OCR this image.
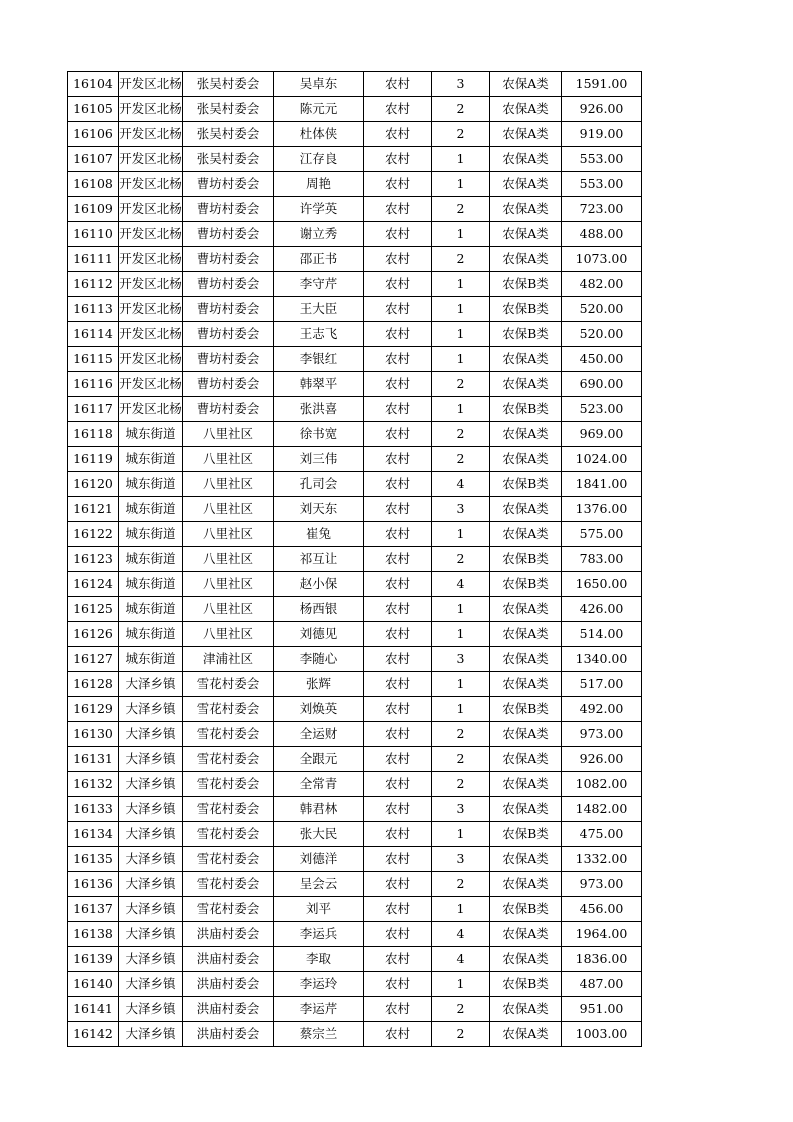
16104	开发区北杨	张吴村委会	吴卓东	农村	3	农保A类	1591.00
16105	开发区北杨	张吴村委会	陈元元	农村	2	农保A类	926.00
16106	开发区北杨	张吴村委会	杜体侠	农村	2	农保A类	919.00
16107	开发区北杨	张吴村委会	江存良	农村	1	农保A类	553.00
16108	开发区北杨	曹坊村委会	周艳	农村	1	农保A类	553.00
16109	开发区北杨	曹坊村委会	许学英	农村	2	农保A类	723.00
16110	开发区北杨	曹坊村委会	谢立秀	农村	1	农保A类	488.00
16111	开发区北杨	曹坊村委会	邵正书	农村	2	农保A类	1073.00
16112	开发区北杨	曹坊村委会	李守芹	农村	1	农保B类	482.00
16113	开发区北杨	曹坊村委会	王大臣	农村	1	农保B类	520.00
16114	开发区北杨	曹坊村委会	王志飞	农村	1	农保B类	520.00
16115	开发区北杨	曹坊村委会	李银红	农村	1	农保A类	450.00
16116	开发区北杨	曹坊村委会	韩翠平	农村	2	农保A类	690.00
16117	开发区北杨	曹坊村委会	张洪喜	农村	1	农保B类	523.00
16118	城东街道	八里社区	徐书宽	农村	2	农保A类	969.00
16119	城东街道	八里社区	刘三伟	农村	2	农保A类	1024.00
16120	城东街道	八里社区	孔司会	农村	4	农保B类	1841.00
16121	城东街道	八里社区	刘天东	农村	3	农保A类	1376.00
16122	城东街道	八里社区	崔兔	农村	1	农保A类	575.00
16123	城东街道	八里社区	祁互让	农村	2	农保B类	783.00
16124	城东街道	八里社区	赵小保	农村	4	农保B类	1650.00
16125	城东街道	八里社区	杨西银	农村	1	农保A类	426.00
16126	城东街道	八里社区	刘德见	农村	1	农保A类	514.00
16127	城东街道	津浦社区	李随心	农村	3	农保A类	1340.00
16128	大泽乡镇	雪花村委会	张辉	农村	1	农保A类	517.00
16129	大泽乡镇	雪花村委会	刘焕英	农村	1	农保B类	492.00
16130	大泽乡镇	雪花村委会	全运财	农村	2	农保A类	973.00
16131	大泽乡镇	雪花村委会	全跟元	农村	2	农保A类	926.00
16132	大泽乡镇	雪花村委会	全常青	农村	2	农保A类	1082.00
16133	大泽乡镇	雪花村委会	韩君林	农村	3	农保A类	1482.00
16134	大泽乡镇	雪花村委会	张大民	农村	1	农保B类	475.00
16135	大泽乡镇	雪花村委会	刘德洋	农村	3	农保A类	1332.00
16136	大泽乡镇	雪花村委会	呈会云	农村	2	农保A类	973.00
16137	大泽乡镇	雪花村委会	刘平	农村	1	农保B类	456.00
16138	大泽乡镇	洪庙村委会	李运兵	农村	4	农保A类	1964.00
16139	大泽乡镇	洪庙村委会	李取	农村	4	农保A类	1836.00
16140	大泽乡镇	洪庙村委会	李运玲	农村	1	农保B类	487.00
16141	大泽乡镇	洪庙村委会	李运芹	农村	2	农保A类	951.00
16142	大泽乡镇	洪庙村委会	蔡宗兰	农村	2	农保A类	1003.00
